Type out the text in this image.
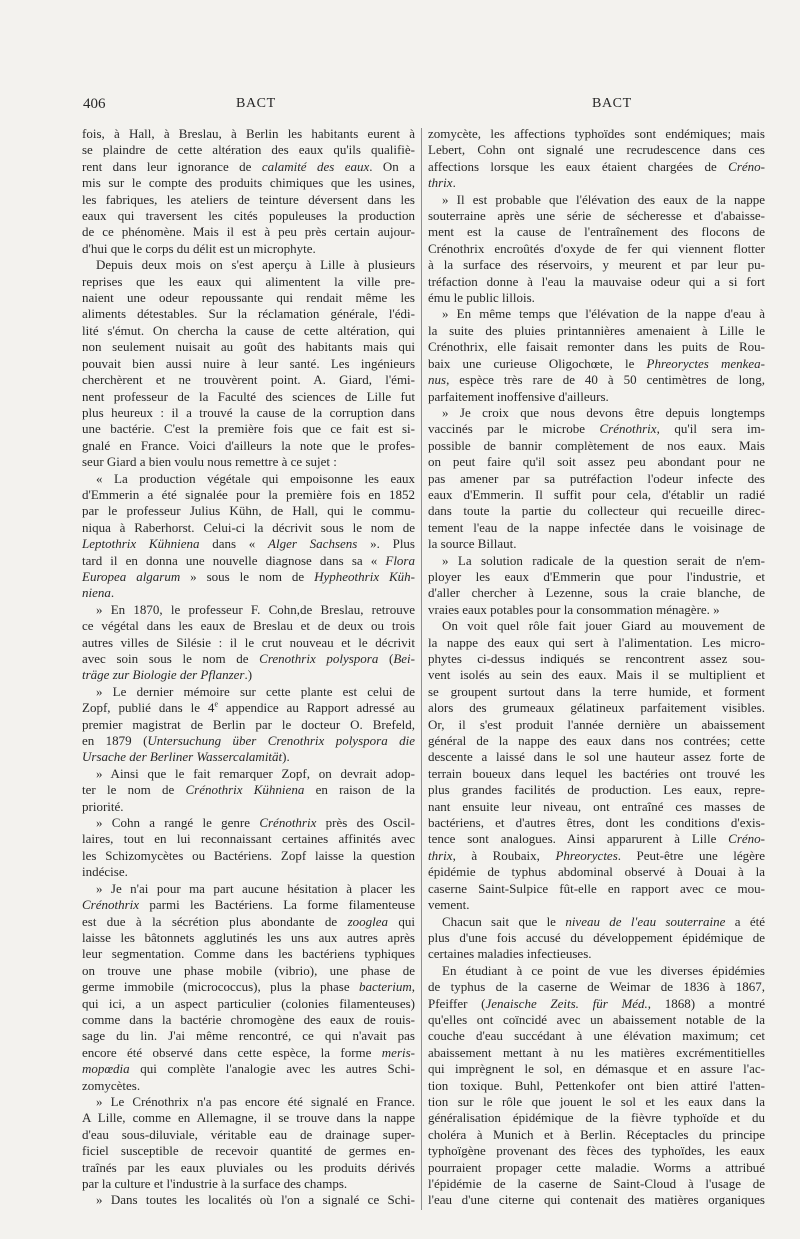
406	BACT	BACT
fois, à Hall, à Breslau, à Berlin les habitants eurent à
se plaindre de cette altération des eaux qu'ils qualifiè-
rent dans leur ignorance de calamité des eaux. On a
mis sur le compte des produits chimiques que les usines,
les fabriques, les ateliers de teinture déversent dans les
eaux qui traversent les cités populeuses la production
de ce phénomène. Mais il est à peu près certain aujour-
d'hui que le corps du délit est un microphyte.
Depuis deux mois on s'est aperçu à Lille à plusieurs
reprises que les eaux qui alimentent la ville pre-
naient une odeur repoussante qui rendait même les
aliments détestables. Sur la réclamation générale, l'édi-
lité s'émut. On chercha la cause de cette altération, qui
non seulement nuisait au goût des habitants mais qui
pouvait bien aussi nuire à leur santé. Les ingénieurs
cherchèrent et ne trouvèrent point. A. Giard, l'émi-
nent professeur de la Faculté des sciences de Lille fut
plus heureux : il a trouvé la cause de la corruption dans
une bactérie. C'est la première fois que ce fait est si-
gnalé en France. Voici d'ailleurs la note que le profes-
seur Giard a bien voulu nous remettre à ce sujet :
« La production végétale qui empoisonne les eaux
d'Emmerin a été signalée pour la première fois en 1852
par le professeur Julius Kühn, de Hall, qui le commu-
niqua à Raberhorst. Celui-ci la décrivit sous le nom de
Leptothrix Kühniena dans « Alger Sachsens ». Plus
tard il en donna une nouvelle diagnose dans sa « Flora
Europea algarum » sous le nom de Hypheothrix Küh-
niena.
» En 1870, le professeur F. Cohn,de Breslau, retrouve
ce végétal dans les eaux de Breslau et de deux ou trois
autres villes de Silésie : il le crut nouveau et le décrivit
avec soin sous le nom de Crenothrix polyspora (Bei-
träge zur Biologie der Pflanzer.)
» Le dernier mémoire sur cette plante est celui de
Zopf, publié dans le 4e appendice au Rapport adressé au
premier magistrat de Berlin par le docteur O. Brefeld,
en 1879 (Untersuchung über Crenothrix polyspora die
Ursache der Berliner Wassercalamität).
» Ainsi que le fait remarquer Zopf, on devrait adop-
ter le nom de Crénothrix Kühniena en raison de la
priorité.
» Cohn a rangé le genre Crénothrix près des Oscil-
laires, tout en lui reconnaissant certaines affinités avec
les Schizomycètes ou Bactériens. Zopf laisse la question
indécise.
» Je n'ai pour ma part aucune hésitation à placer les
Crénothrix parmi les Bactériens. La forme filamenteuse
est due à la sécrétion plus abondante de zooglea qui
laisse les bâtonnets agglutinés les uns aux autres après
leur segmentation. Comme dans les bactériens typhiques
on trouve une phase mobile (vibrio), une phase de
germe immobile (micrococcus), plus la phase bacterium,
qui ici, a un aspect particulier (colonies filamenteuses)
comme dans la bactérie chromogène des eaux de rouis-
sage du lin. J'ai même rencontré, ce qui n'avait pas
encore été observé dans cette espèce, la forme meris-
mopœdia qui complète l'analogie avec les autres Schi-
zomycètes.
» Le Crénothrix n'a pas encore été signalé en France.
A Lille, comme en Allemagne, il se trouve dans la nappe
d'eau sous-diluviale, véritable eau de drainage super-
ficiel susceptible de recevoir quantité de germes en-
traînés par les eaux pluviales ou les produits dérivés
par la culture et l'industrie à la surface des champs.
» Dans toutes les localités où l'on a signalé ce Schi-
zomycète, les affections typhoïdes sont endémiques; mais
Lebert, Cohn ont signalé une recrudescence dans ces
affections lorsque les eaux étaient chargées de Créno-
thrix.
» Il est probable que l'élévation des eaux de la nappe
souterraine après une série de sécheresse et d'abaisse-
ment est la cause de l'entraînement des flocons de
Crénothrix encroûtés d'oxyde de fer qui viennent flotter
à la surface des réservoirs, y meurent et par leur pu-
tréfaction donne à l'eau la mauvaise odeur qui a si fort
ému le public lillois.
» En même temps que l'élévation de la nappe d'eau à
la suite des pluies printannières amenaient à Lille le
Crénothrix, elle faisait remonter dans les puits de Rou-
baix une curieuse Oligochœte, le Phreoryctes menkea-
nus, espèce très rare de 40 à 50 centimètres de long,
parfaitement inoffensive d'ailleurs.
» Je croix que nous devons être depuis longtemps
vaccinés par le microbe Crénothrix, qu'il sera im-
possible de bannir complètement de nos eaux. Mais
on peut faire qu'il soit assez peu abondant pour ne
pas amener par sa putréfaction l'odeur infecte des
eaux d'Emmerin. Il suffit pour cela, d'établir un radié
dans toute la partie du collecteur qui recueille direc-
tement l'eau de la nappe infectée dans le voisinage de
la source Billaut.
» La solution radicale de la question serait de n'em-
ployer les eaux d'Emmerin que pour l'industrie, et
d'aller chercher à Lezenne, sous la craie blanche, de
vraies eaux potables pour la consommation ménagère. »
On voit quel rôle fait jouer Giard au mouvement de
la nappe des eaux qui sert à l'alimentation. Les micro-
phytes ci-dessus indiqués se rencontrent assez sou-
vent isolés au sein des eaux. Mais il se multiplient et
se groupent surtout dans la terre humide, et forment
alors des grumeaux gélatineux parfaitement visibles.
Or, il s'est produit l'année dernière un abaissement
général de la nappe des eaux dans nos contrées; cette
descente a laissé dans le sol une hauteur assez forte de
terrain boueux dans lequel les bactéries ont trouvé les
plus grandes facilités de production. Les eaux, repre-
nant ensuite leur niveau, ont entraîné ces masses de
bactériens, et d'autres êtres, dont les conditions d'exis-
tence sont analogues. Ainsi apparurent à Lille Créno-
thrix, à Roubaix, Phreoryctes. Peut-être une légère
épidémie de typhus abdominal observé à Douai à la
caserne Saint-Sulpice fût-elle en rapport avec ce mou-
vement.
Chacun sait que le niveau de l'eau souterraine a été
plus d'une fois accusé du développement épidémique de
certaines maladies infectieuses.
En étudiant à ce point de vue les diverses épidémies
de typhus de la caserne de Weimar de 1836 à 1867,
Pfeiffer (Jenaische Zeits. für Méd., 1868) a montré
qu'elles ont coïncidé avec un abaissement notable de la
couche d'eau succédant à une élévation maximum; cet
abaissement mettant à nu les matières excrémentitielles
qui imprègnent le sol, en démasque et en assure l'ac-
tion toxique. Buhl, Pettenkofer ont bien attiré l'atten-
tion sur le rôle que jouent le sol et les eaux dans la
généralisation épidémique de la fièvre typhoïde et du
choléra à Munich et à Berlin. Réceptacles du principe
typhoïgène provenant des fèces des typhoïdes, les eaux
pourraient propager cette maladie. Worms a attribué
l'épidémie de la caserne de Saint-Cloud à l'usage de
l'eau d'une citerne qui contenait des matières organiques
